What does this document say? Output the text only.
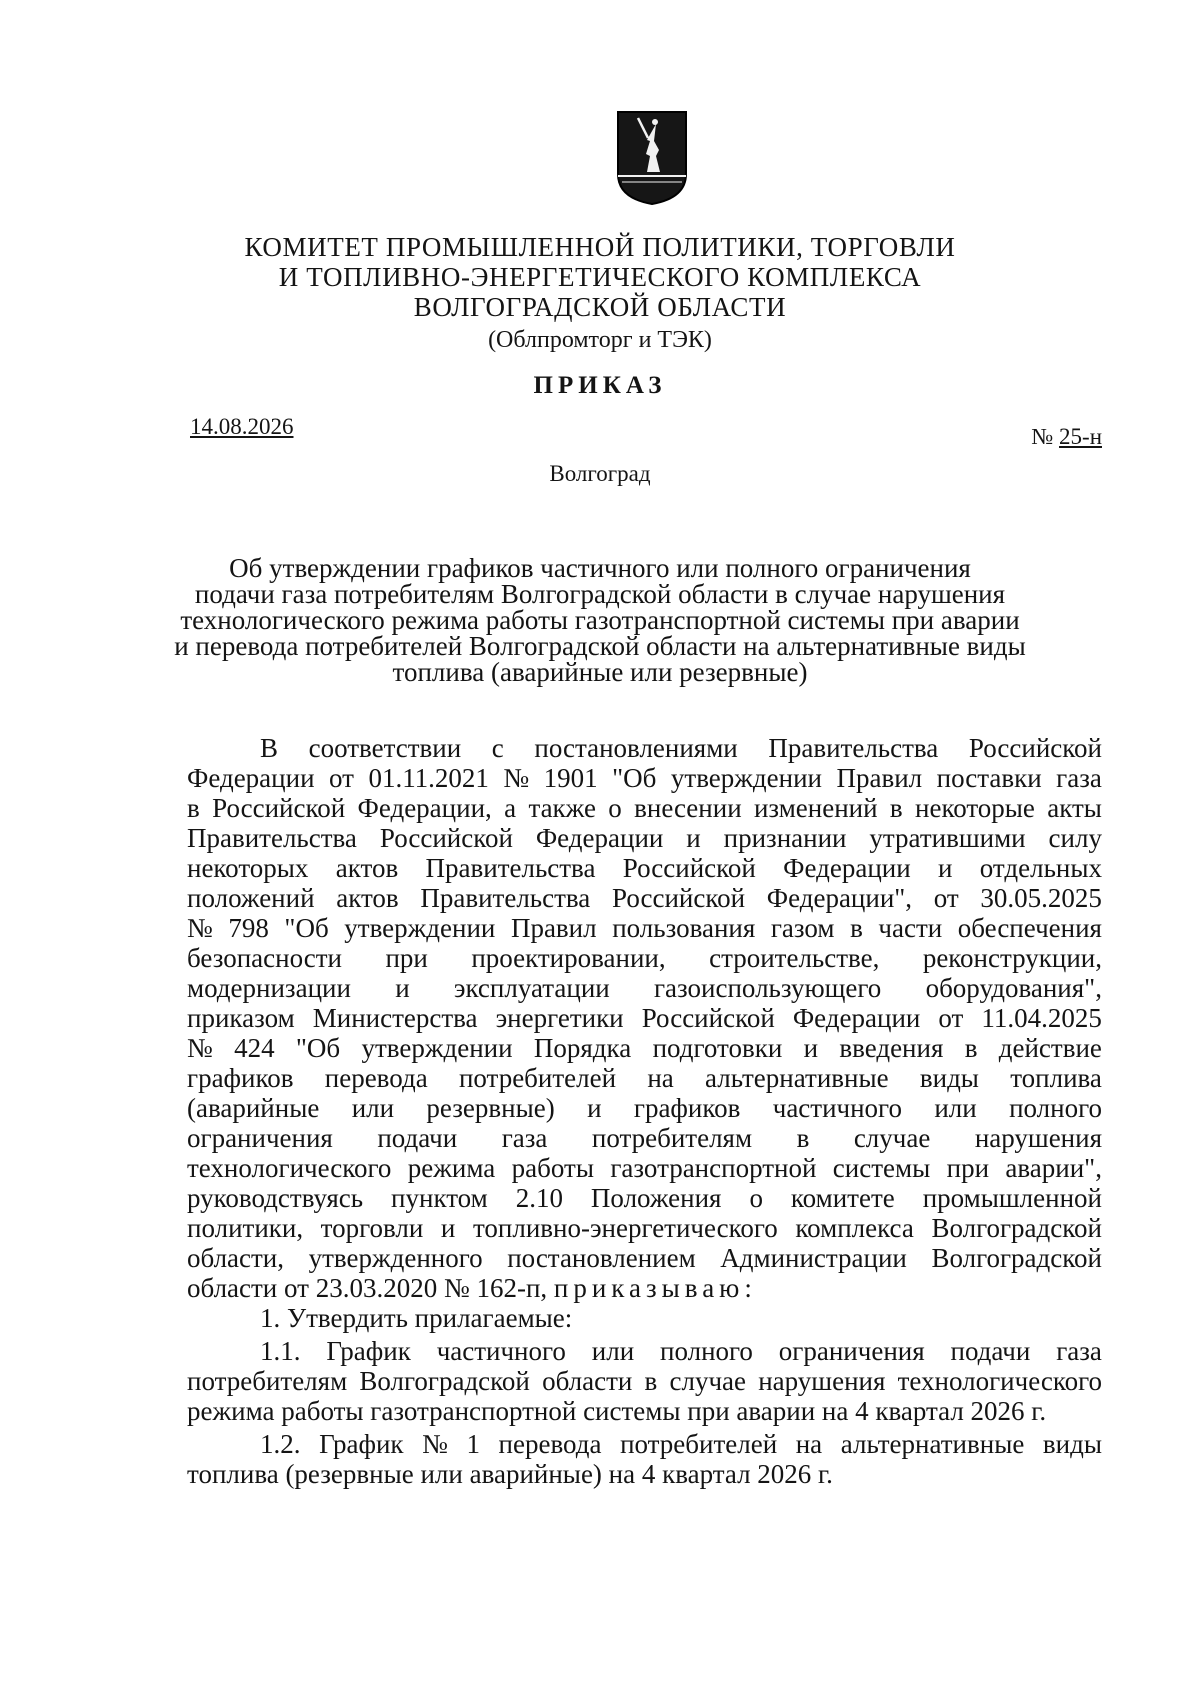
КОМИТЕТ ПРОМЫШЛЕННОЙ ПОЛИТИКИ, ТОРГОВЛИ
И ТОПЛИВНО-ЭНЕРГЕТИЧЕСКОГО КОМПЛЕКСА
ВОЛГОГРАДСКОЙ ОБЛАСТИ
(Облпромторг и ТЭК)
ПРИКАЗ
14.08.2026	№ 25-н
Волгоград
Об утверждении графиков частичного или полного ограничения
подачи газа потребителям Волгоградской области в случае нарушения
технологического режима работы газотранспортной системы при аварии
и перевода потребителей Волгоградской области на альтернативные виды
топлива (аварийные или резервные)
В соответствии с постановлениями Правительства Российской
Федерации от 01.11.2021 № 1901 "Об утверждении Правил поставки газа
в Российской Федерации, а также о внесении изменений в некоторые акты
Правительства Российской Федерации и признании утратившими силу
некоторых актов Правительства Российской Федерации и отдельных
положений актов Правительства Российской Федерации", от 30.05.2025
№ 798 "Об утверждении Правил пользования газом в части обеспечения
безопасности при проектировании, строительстве, реконструкции,
модернизации и эксплуатации газоиспользующего оборудования",
приказом Министерства энергетики Российской Федерации от 11.04.2025
№ 424 "Об утверждении Порядка подготовки и введения в действие
графиков перевода потребителей на альтернативные виды топлива
(аварийные или резервные) и графиков частичного или полного
ограничения подачи газа потребителям в случае нарушения
технологического режима работы газотранспортной системы при аварии",
руководствуясь пунктом 2.10 Положения о комитете промышленной
политики, торговли и топливно-энергетического комплекса Волгоградской
области, утвержденного постановлением Администрации Волгоградской
области от 23.03.2020 № 162-п, приказываю:
1. Утвердить прилагаемые:
1.1. График частичного или полного ограничения подачи газа
потребителям Волгоградской области в случае нарушения технологического
режима работы газотранспортной системы при аварии на 4 квартал 2026 г.
1.2. График № 1 перевода потребителей на альтернативные виды
топлива (резервные или аварийные) на 4 квартал 2026 г.
